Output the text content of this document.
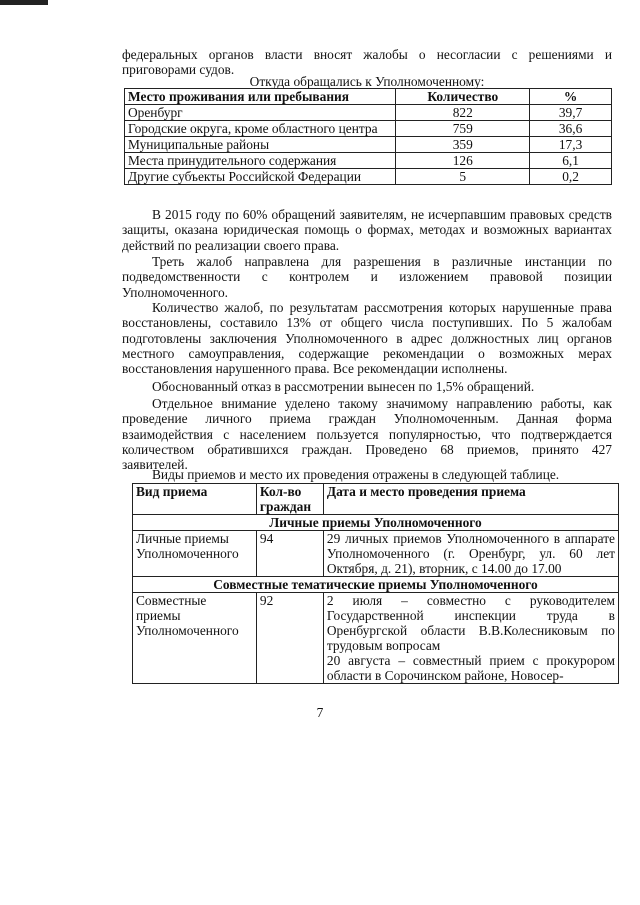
федеральных органов власти вносят жалобы о несогласии с решениями и приговорами судов.

Откуда обращались к Уполномоченному:

Место проживания или пребывания	Количество	%
Оренбург	822	39,7
Городские округа, кроме областного центра	759	36,6
Муниципальные районы	359	17,3
Места принудительного содержания	126	6,1
Другие субъекты Российской Федерации	5	0,2

В 2015 году по 60% обращений заявителям, не исчерпавшим правовых средств защиты, оказана юридическая помощь о формах, методах и возможных вариантах действий по реализации своего права.

Треть жалоб направлена для разрешения в различные инстанции по подведомственности с контролем и изложением правовой позиции Уполномоченного.

Количество жалоб, по результатам рассмотрения которых нарушенные права восстановлены, составило 13% от общего числа поступивших. По 5 жалобам подготовлены заключения Уполномоченного в адрес должностных лиц органов местного самоуправления, содержащие рекомендации о возможных мерах восстановления нарушенного права. Все рекомендации исполнены.

Обоснованный отказ в рассмотрении вынесен по 1,5% обращений.

Отдельное внимание уделено такому значимому направлению работы, как проведение личного приема граждан Уполномоченным. Данная форма взаимодействия с населением пользуется популярностью, что подтверждается количеством обратившихся граждан. Проведено 68 приемов, принято 427 заявителей.

Виды приемов и место их проведения отражены в следующей таблице.

Вид приема	Кол-во граждан	Дата и место проведения приема
Личные приемы Уполномоченного		
Личные приемы Уполномоченного	94	29 личных приемов Уполномоченного в аппарате Уполномоченного (г. Оренбург, ул. 60 лет Октября, д. 21), вторник, с 14.00 до 17.00
Совместные тематические приемы Уполномоченного		
Совместные приемы Уполномоченного	92	2 июля – совместно с руководителем Государственной инспекции труда в Оренбургской области В.В.Колесниковым по трудовым вопросам
20 августа – совместный прием с прокурором области в Сорочинском районе, Новосер-
7
